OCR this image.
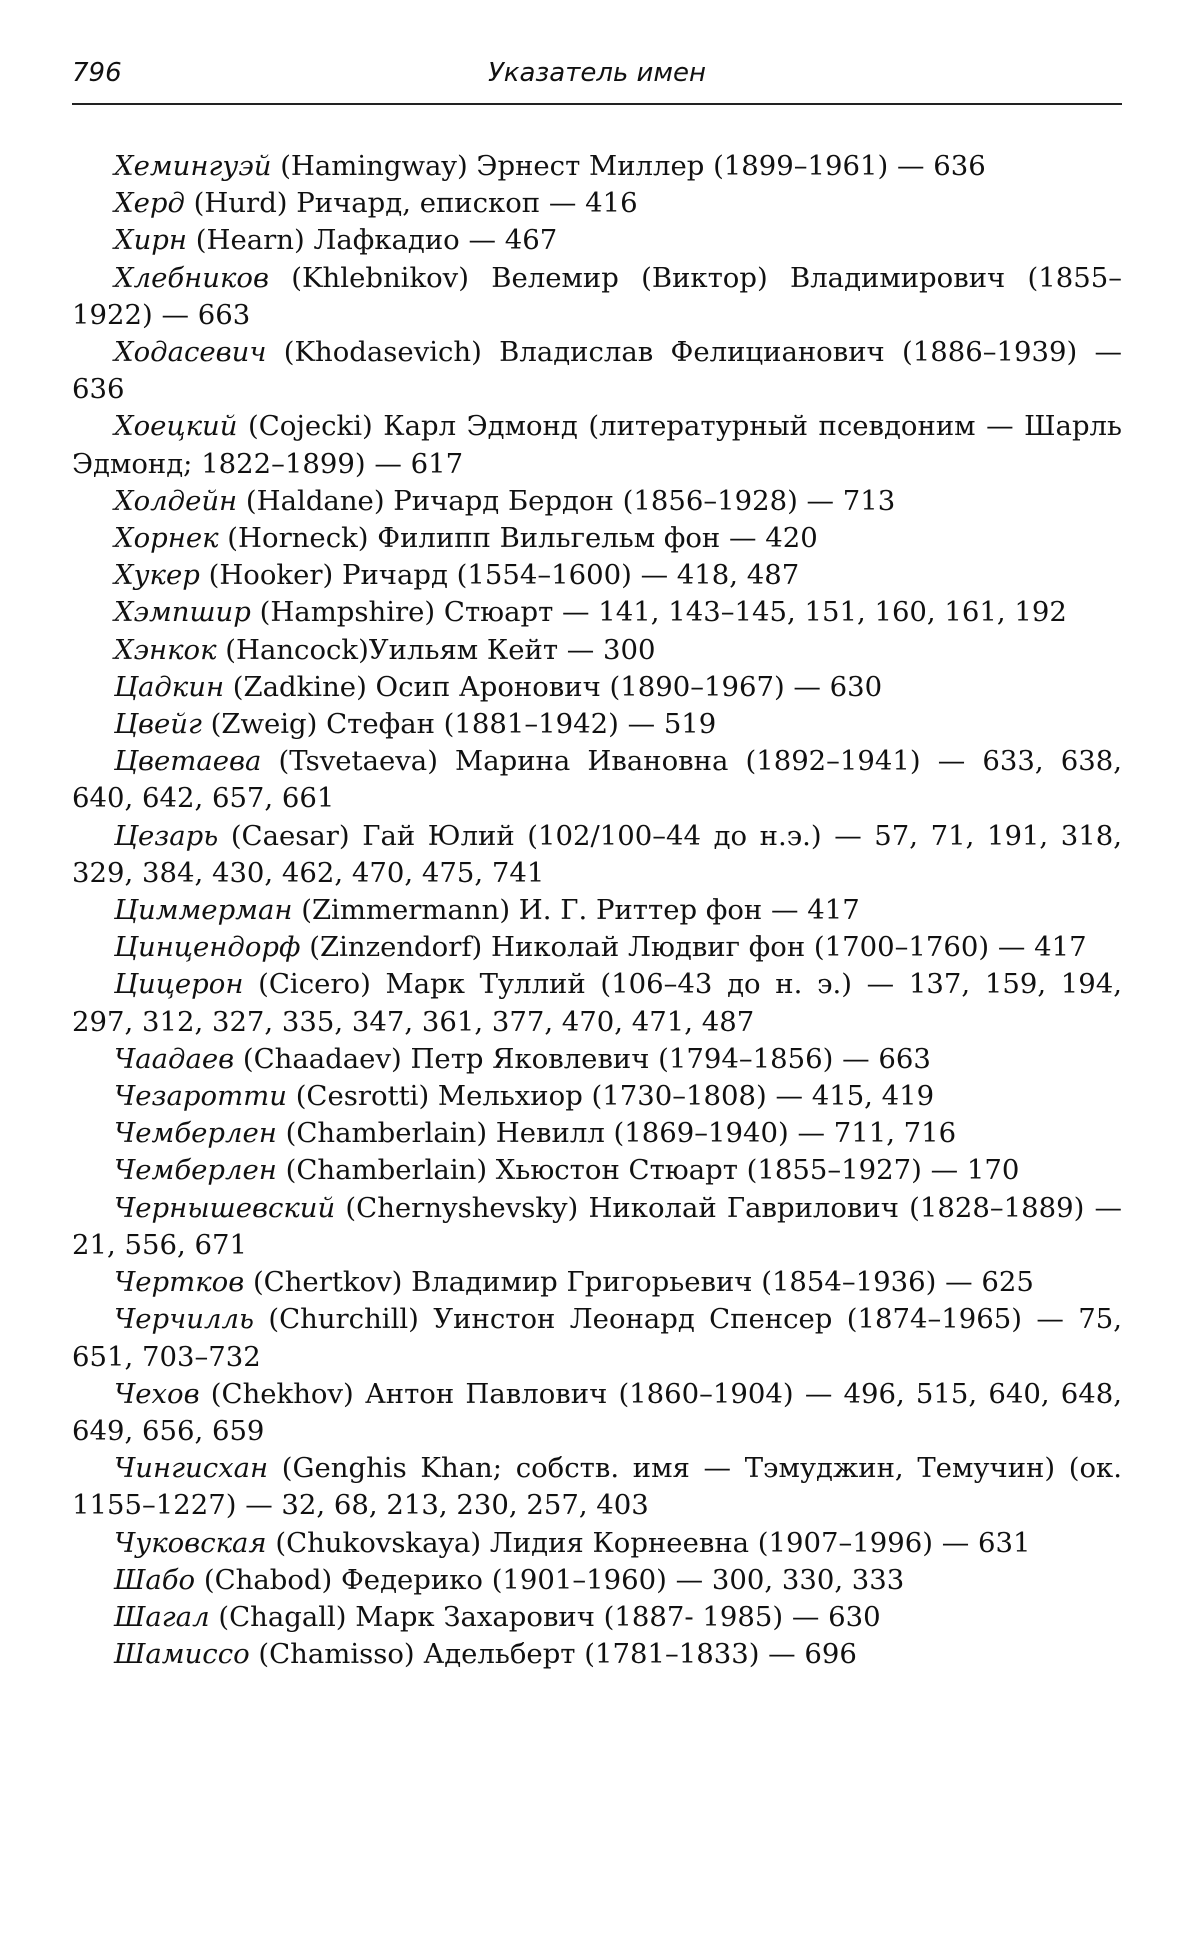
796	Указатель имен

Хемингуэй (Hamingway) Эрнест Миллер (1899–1961) — 636

Херд (Hurd) Ричард, епископ — 416

Хирн (Hearn) Лафкадио — 467

Хлебников (Khlebnikov) Велемир (Виктор) Владимирович (1855–1922) — 663

Ходасевич (Khodasevich) Владислав Фелицианович (1886–1939) — 636

Хоецкий (Cojecki) Карл Эдмонд (литературный псевдоним — Шарль Эдмонд; 1822–1899) — 617

Холдейн (Haldane) Ричард Бердон (1856–1928) — 713

Хорнек (Horneck) Филипп Вильгельм фон — 420

Хукер (Hooker) Ричард (1554–1600) — 418, 487

Хэмпшир (Hampshire) Стюарт — 141, 143–145, 151, 160, 161, 192

Хэнкок (Hancock)Уильям Кейт — 300

Цадкин (Zadkine) Осип Аронович (1890–1967) — 630

Цвейг (Zweig) Стефан (1881–1942) — 519

Цветаева (Tsvetaeva) Марина Ивановна (1892–1941) — 633, 638, 640, 642, 657, 661

Цезарь (Caesar) Гай Юлий (102/100–44 до н.э.) — 57, 71, 191, 318, 329, 384, 430, 462, 470, 475, 741

Циммерман (Zimmermann) И. Г. Риттер фон — 417

Цинцендорф (Zinzendorf) Николай Людвиг фон (1700–1760) — 417

Цицерон (Cicero) Марк Туллий (106–43 до н. э.) — 137, 159, 194, 297, 312, 327, 335, 347, 361, 377, 470, 471, 487

Чаадаев (Chaadaev) Петр Яковлевич (1794–1856) — 663

Чезаротти (Cesrotti) Мельхиор (1730–1808) — 415, 419

Чемберлен (Chamberlain) Невилл (1869–1940) — 711, 716

Чемберлен (Chamberlain) Хьюстон Стюарт (1855–1927) — 170

Чернышевский (Chernyshevsky) Николай Гаврилович (1828–1889) — 21, 556, 671

Чертков (Chertkov) Владимир Григорьевич (1854–1936) — 625

Черчилль (Churchill) Уинстон Леонард Спенсер (1874–1965) — 75, 651, 703–732

Чехов (Chekhov) Антон Павлович (1860–1904) — 496, 515, 640, 648, 649, 656, 659

Чингисхан (Genghis Khan; собств. имя — Тэмуджин, Темучин) (ок. 1155–1227) — 32, 68, 213, 230, 257, 403

Чуковская (Chukovskaya) Лидия Корнеевна (1907–1996) — 631

Шабо (Chabod) Федерико (1901–1960) — 300, 330, 333

Шагал (Chagall) Марк Захарович (1887- 1985) — 630

Шамиссо (Chamisso) Адельберт (1781–1833) — 696
